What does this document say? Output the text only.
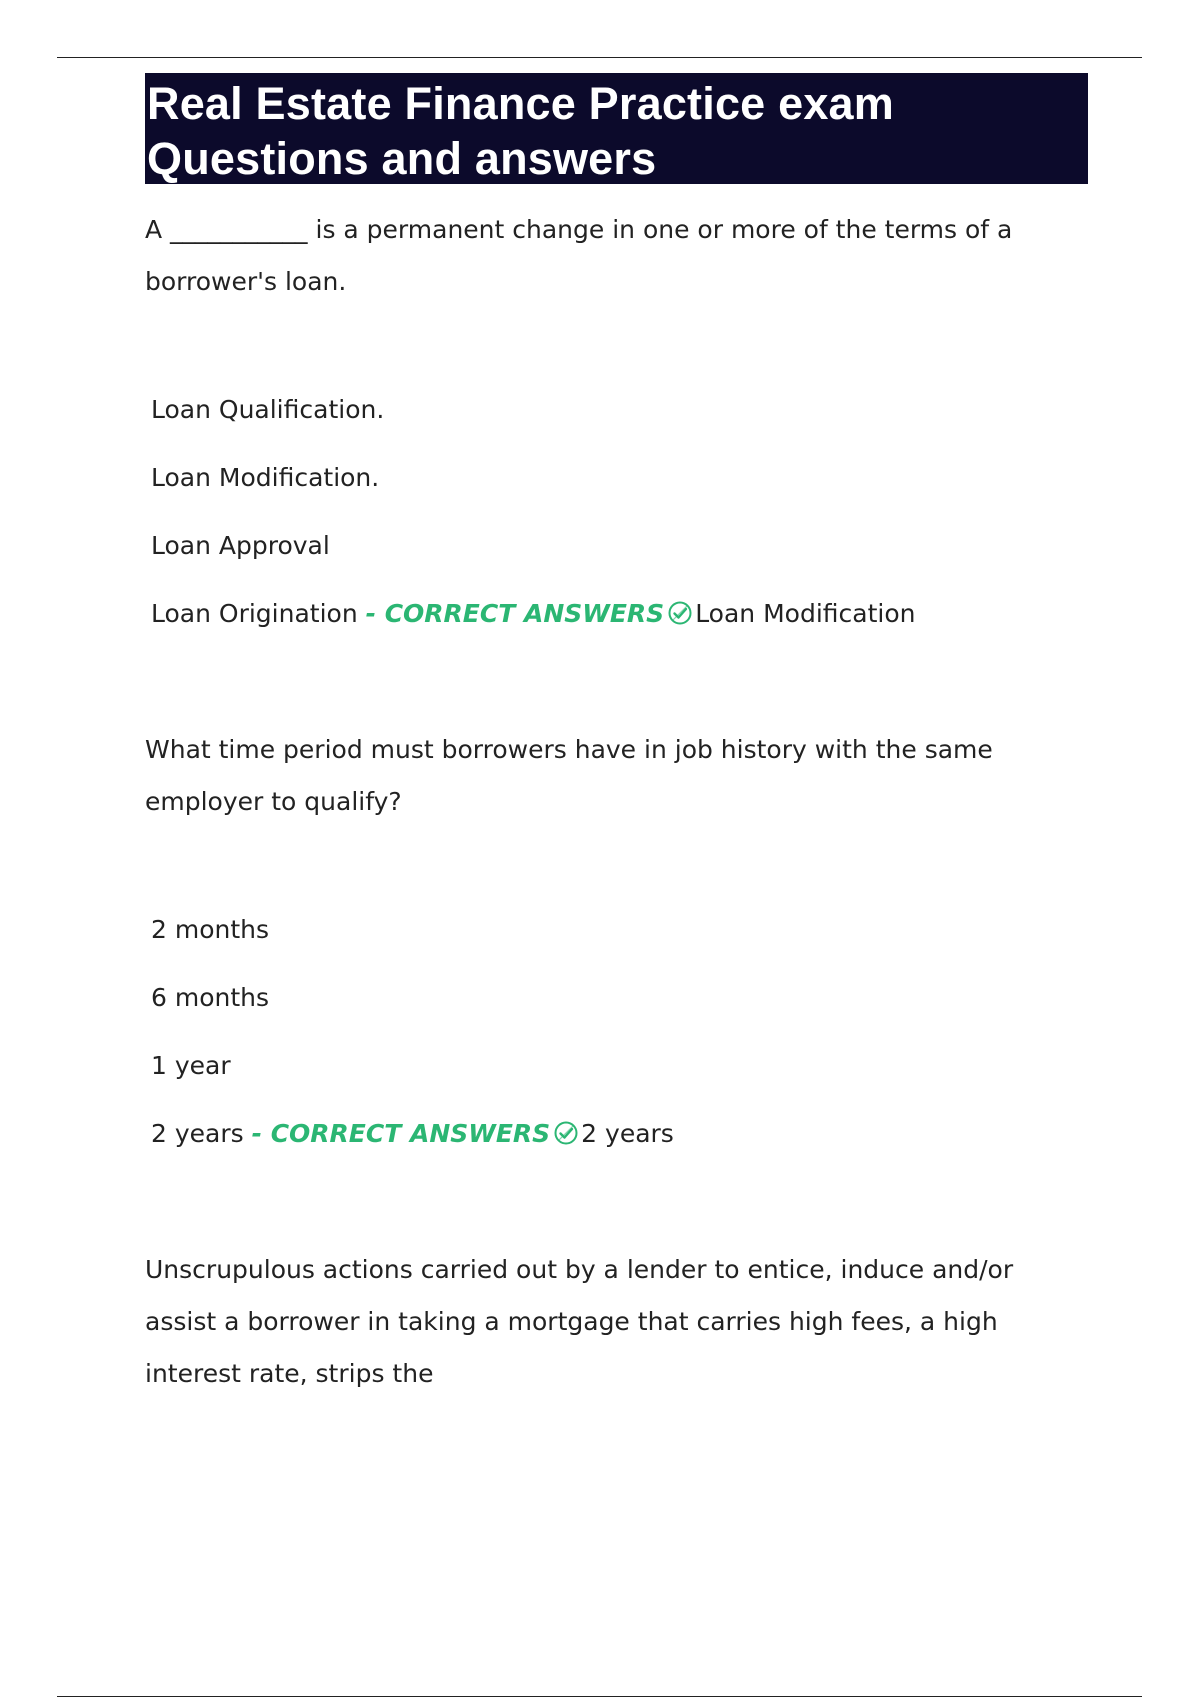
Real Estate Finance Practice exam
Questions and answers

A ___________ is a permanent change in one or more of the terms of a borrower's loan.

Loan Qualification.
Loan Modification.
Loan Approval
Loan Origination - CORRECT ANSWERS Loan Modification

What time period must borrowers have in job history with the same employer to qualify?

2 months
6 months
1 year
2 years - CORRECT ANSWERS 2 years

Unscrupulous actions carried out by a lender to entice, induce and/or assist a borrower in taking a mortgage that carries high fees, a high interest rate, strips the
